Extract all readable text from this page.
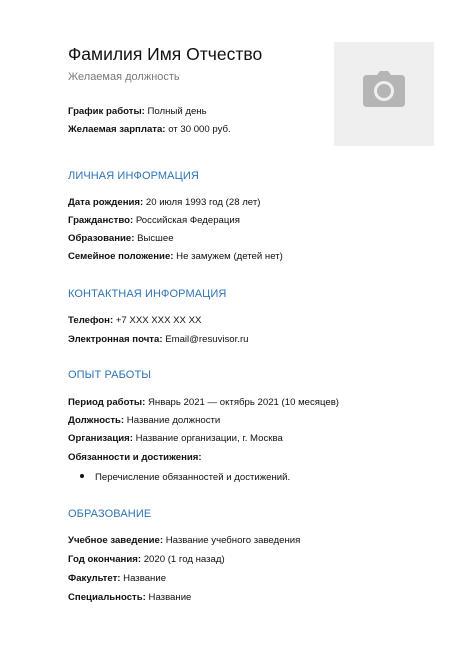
Фамилия Имя Отчество
Желаемая должность
График работы: Полный день
Желаемая зарплата: от 30 000 руб.
ЛИЧНАЯ ИНФОРМАЦИЯ
Дата рождения: 20 июля 1993 год (28 лет)
Гражданство: Российская Федерация
Образование: Высшее
Семейное положение: Не замужем (детей нет)
КОНТАКТНАЯ ИНФОРМАЦИЯ
Телефон: +7 XXX XXX XX XX
Электронная почта: Email@resuvisor.ru
ОПЫТ РАБОТЫ
Период работы: Январь 2021 — октябрь 2021 (10 месяцев)
Должность: Название должности
Организация: Название организации, г. Москва
Обязанности и достижения:
Перечисление обязанностей и достижений.
ОБРАЗОВАНИЕ
Учебное заведение: Название учебного заведения
Год окончания: 2020 (1 год назад)
Факультет: Название
Специальность: Название
